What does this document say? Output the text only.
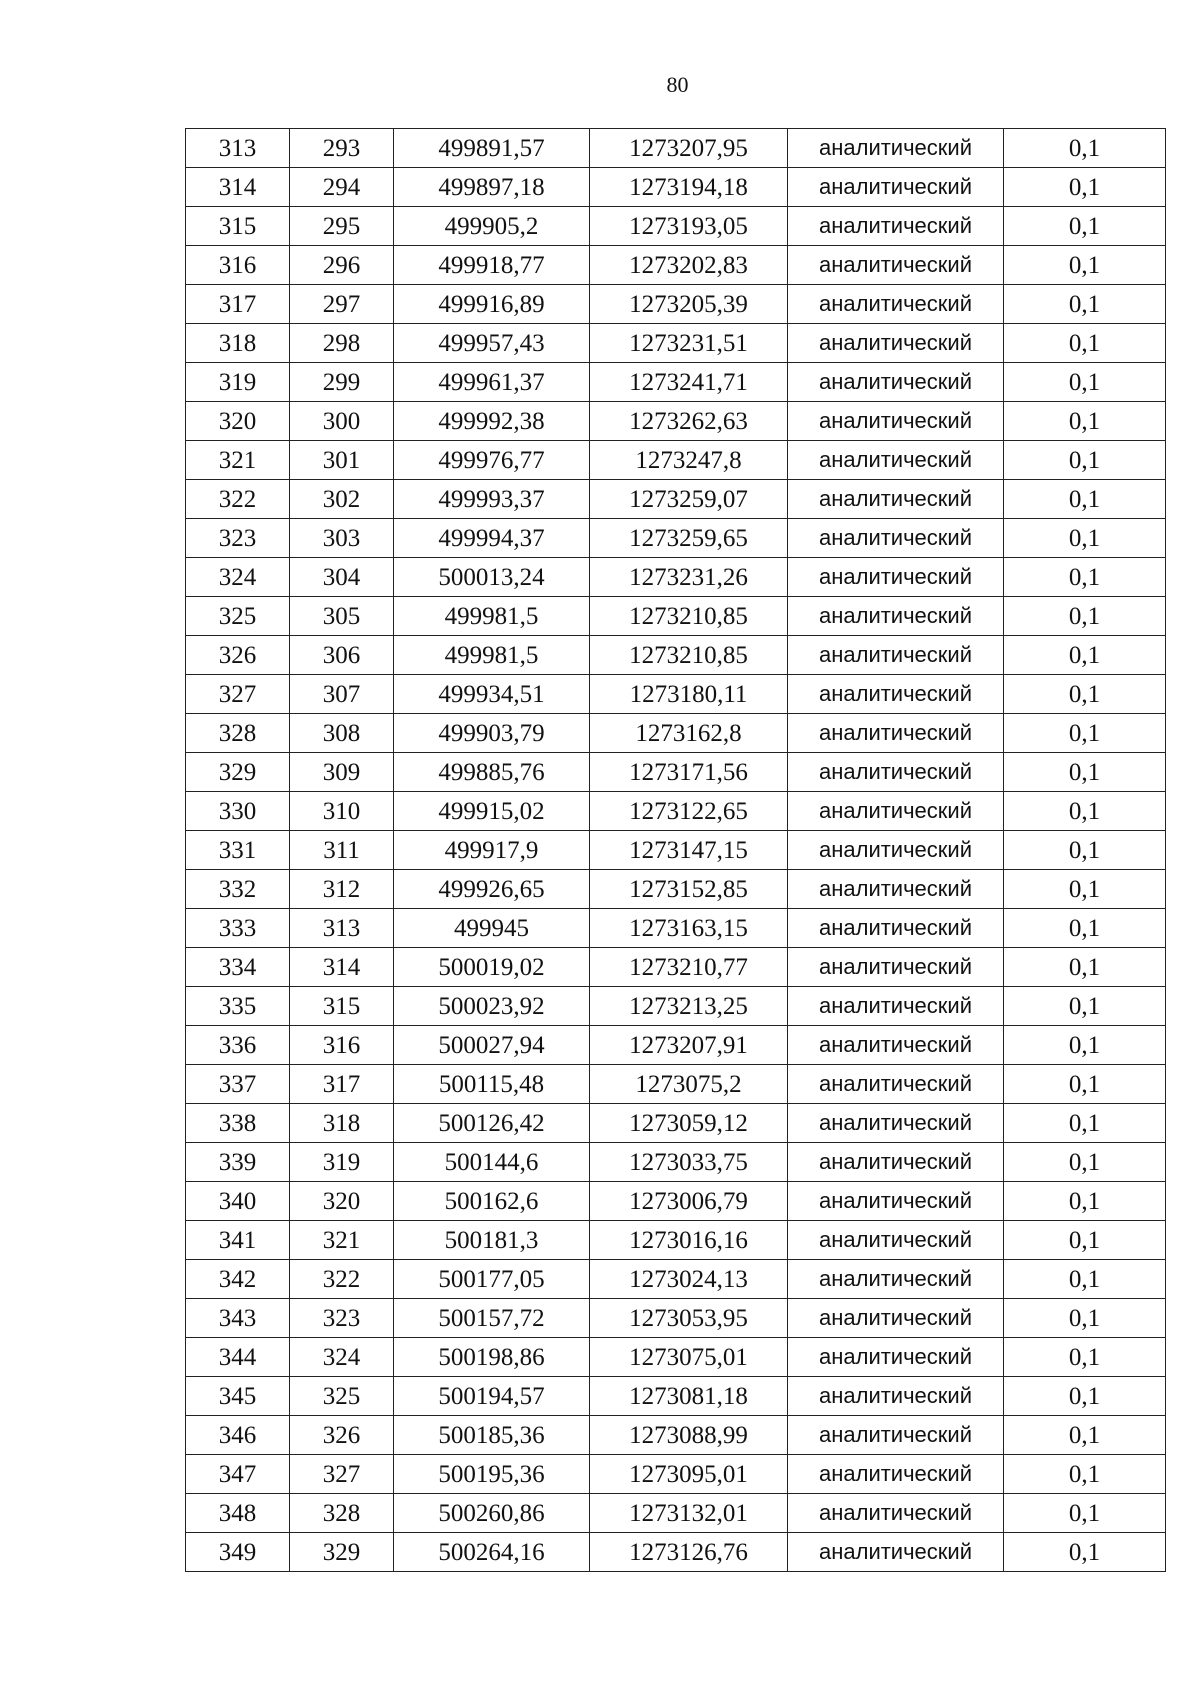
80
313	293	499891,57	1273207,95	аналитический	0,1
314	294	499897,18	1273194,18	аналитический	0,1
315	295	499905,2	1273193,05	аналитический	0,1
316	296	499918,77	1273202,83	аналитический	0,1
317	297	499916,89	1273205,39	аналитический	0,1
318	298	499957,43	1273231,51	аналитический	0,1
319	299	499961,37	1273241,71	аналитический	0,1
320	300	499992,38	1273262,63	аналитический	0,1
321	301	499976,77	1273247,8	аналитический	0,1
322	302	499993,37	1273259,07	аналитический	0,1
323	303	499994,37	1273259,65	аналитический	0,1
324	304	500013,24	1273231,26	аналитический	0,1
325	305	499981,5	1273210,85	аналитический	0,1
326	306	499981,5	1273210,85	аналитический	0,1
327	307	499934,51	1273180,11	аналитический	0,1
328	308	499903,79	1273162,8	аналитический	0,1
329	309	499885,76	1273171,56	аналитический	0,1
330	310	499915,02	1273122,65	аналитический	0,1
331	311	499917,9	1273147,15	аналитический	0,1
332	312	499926,65	1273152,85	аналитический	0,1
333	313	499945	1273163,15	аналитический	0,1
334	314	500019,02	1273210,77	аналитический	0,1
335	315	500023,92	1273213,25	аналитический	0,1
336	316	500027,94	1273207,91	аналитический	0,1
337	317	500115,48	1273075,2	аналитический	0,1
338	318	500126,42	1273059,12	аналитический	0,1
339	319	500144,6	1273033,75	аналитический	0,1
340	320	500162,6	1273006,79	аналитический	0,1
341	321	500181,3	1273016,16	аналитический	0,1
342	322	500177,05	1273024,13	аналитический	0,1
343	323	500157,72	1273053,95	аналитический	0,1
344	324	500198,86	1273075,01	аналитический	0,1
345	325	500194,57	1273081,18	аналитический	0,1
346	326	500185,36	1273088,99	аналитический	0,1
347	327	500195,36	1273095,01	аналитический	0,1
348	328	500260,86	1273132,01	аналитический	0,1
349	329	500264,16	1273126,76	аналитический	0,1
